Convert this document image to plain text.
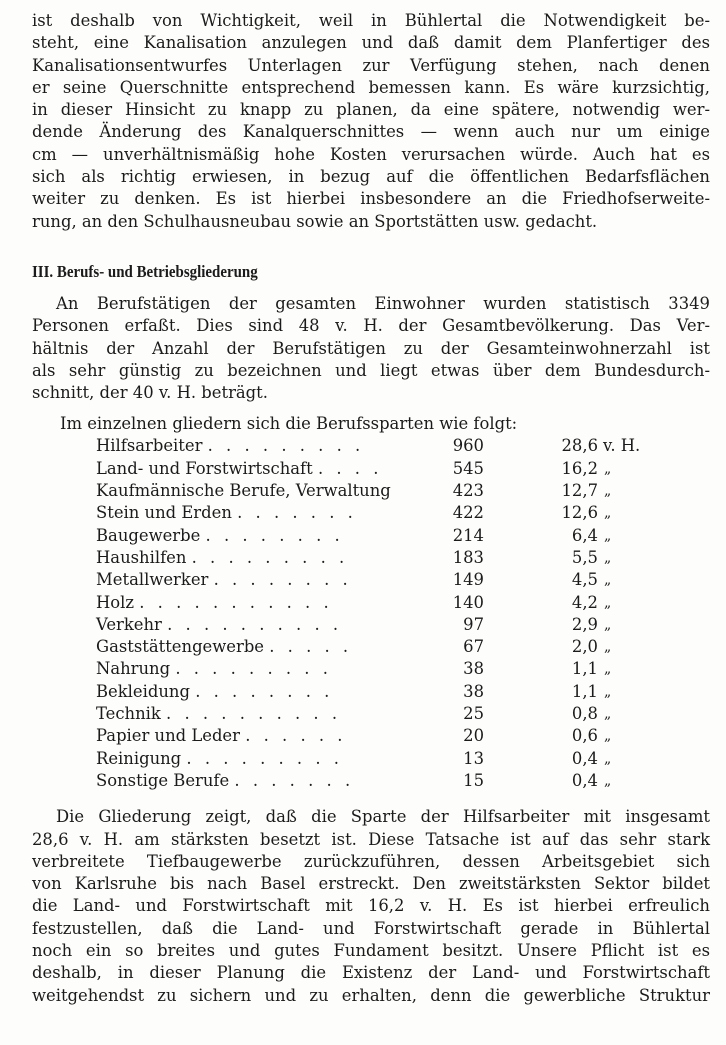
ist deshalb von Wichtigkeit, weil in Bühlertal die Notwendigkeit be-
steht, eine Kanalisation anzulegen und daß damit dem Planfertiger des
Kanalisationsentwurfes Unterlagen zur Verfügung stehen, nach denen
er seine Querschnitte entsprechend bemessen kann. Es wäre kurzsichtig,
in dieser Hinsicht zu knapp zu planen, da eine spätere, notwendig wer-
dende Änderung des Kanalquerschnittes — wenn auch nur um einige
cm — unverhältnismäßig hohe Kosten verursachen würde. Auch hat es
sich als richtig erwiesen, in bezug auf die öffentlichen Bedarfsflächen
weiter zu denken. Es ist hierbei insbesondere an die Friedhofserweite-
rung, an den Schulhausneubau sowie an Sportstätten usw. gedacht.

III. Berufs- und Betriebsgliederung

An Berufstätigen der gesamten Einwohner wurden statistisch 3349
Personen erfaßt. Dies sind 48 v. H. der Gesamtbevölkerung. Das Ver-
hältnis der Anzahl der Berufstätigen zu der Gesamteinwohnerzahl ist
als sehr günstig zu bezeichnen und liegt etwas über dem Bundesdurch-
schnitt, der 40 v. H. beträgt.

Im einzelnen gliedern sich die Berufssparten wie folgt:
Hilfsarbeiter . . . . . . . . .	960		28,6	v. H.
Land- und Forstwirtschaft . . . .	545		16,2	„
Kaufmännische Berufe, Verwaltung	423		12,7	„
Stein und Erden . . . . . . .	422		12,6	„
Baugewerbe . . . . . . . .	214		6,4	„
Haushilfen . . . . . . . . .	183		5,5	„
Metallwerker . . . . . . . .	149		4,5	„
Holz . . . . . . . . . . .	140		4,2	„
Verkehr . . . . . . . . . .	97		2,9	„
Gaststättengewerbe . . . . .	67		2,0	„
Nahrung . . . . . . . . .	38		1,1	„
Bekleidung . . . . . . . .	38		1,1	„
Technik . . . . . . . . . .	25		0,8	„
Papier und Leder . . . . . .	20		0,6	„
Reinigung . . . . . . . . .	13		0,4	„
Sonstige Berufe . . . . . . .	15		0,4	„

Die Gliederung zeigt, daß die Sparte der Hilfsarbeiter mit insgesamt
28,6 v. H. am stärksten besetzt ist. Diese Tatsache ist auf das sehr stark
verbreitete Tiefbaugewerbe zurückzuführen, dessen Arbeitsgebiet sich
von Karlsruhe bis nach Basel erstreckt. Den zweitstärksten Sektor bildet
die Land- und Forstwirtschaft mit 16,2 v. H. Es ist hierbei erfreulich
festzustellen, daß die Land- und Forstwirtschaft gerade in Bühlertal
noch ein so breites und gutes Fundament besitzt. Unsere Pflicht ist es
deshalb, in dieser Planung die Existenz der Land- und Forstwirtschaft
weitgehendst zu sichern und zu erhalten, denn die gewerbliche Struktur
